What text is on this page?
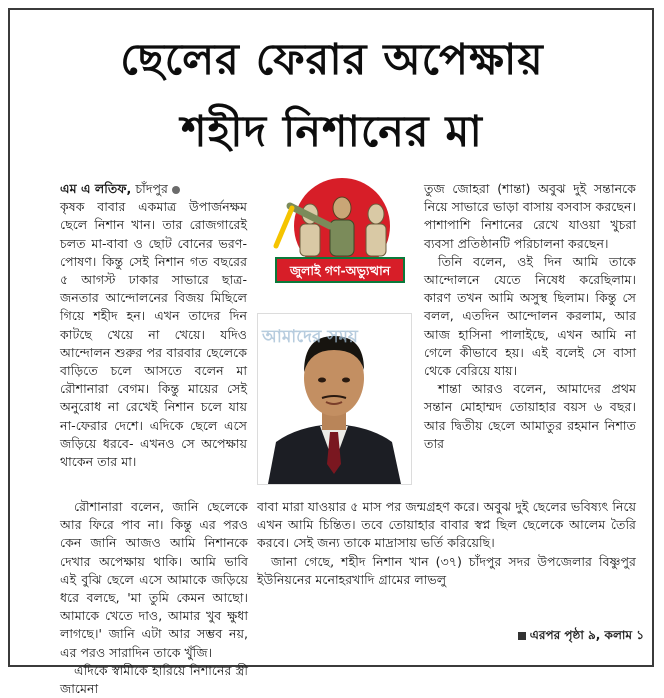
ছেলের ফেরার অপেক্ষায়
শহীদ নিশানের মা

এম এ লতিফ, চাঁদপুর

কৃষক বাবার একমাত্র উপার্জনক্ষম ছেলে নিশান খান। তার রোজগারেই চলত মা-বাবা ও ছোট বোনের ভরণ-পোষণ। কিন্তু সেই নিশান গত বছরের ৫ আগস্ট ঢাকার সাভারে ছাত্র-জনতার আন্দোলনের বিজয় মিছিলে গিয়ে শহীদ হন। এখন তাদের দিন কাটছে খেয়ে না খেয়ে। যদিও আন্দোলন শুরুর পর বারবার ছেলেকে বাড়িতে চলে আসতে বলেন মা রৌশানারা বেগম। কিন্তু মায়ের সেই অনুরোধ না রেখেই নিশান চলে যায় না-ফেরার দেশে। এদিকে ছেলে এসে জড়িয়ে ধরবে- এখনও সে অপেক্ষায় থাকেন তার মা।

জুলাই গণ-অভ্যুত্থান
আমাদের সময়

তুজ জোহরা (শান্তা) অবুঝ দুই সন্তানকে নিয়ে সাভারে ভাড়া বাসায় বসবাস করছেন। পাশাপাশি নিশানের রেখে যাওয়া খুচরা ব্যবসা প্রতিষ্ঠানটি পরিচালনা করছেন।

তিনি বলেন, ওই দিন আমি তাকে আন্দোলনে যেতে নিষেধ করেছিলাম। কারণ তখন আমি অসুস্থ ছিলাম। কিন্তু সে বলল, এতদিন আন্দোলন করলাম, আর আজ হাসিনা পালাইছে, এখন আমি না গেলে কীভাবে হয়। এই বলেই সে বাসা থেকে বেরিয়ে যায়।

শান্তা আরও বলেন, আমাদের প্রথম সন্তান মোহাম্মদ তোয়াহার বয়স ৬ বছর। আর দ্বিতীয় ছেলে আমাতুর রহমান নিশাত তার

রৌশানারা বলেন, জানি ছেলেকে আর ফিরে পাব না। কিন্তু এর পরও কেন জানি আজও আমি নিশানকে দেখার অপেক্ষায় থাকি। আমি ভাবি এই বুঝি ছেলে এসে আমাকে জড়িয়ে ধরে বলছে, 'মা তুমি কেমন আছো। আমাকে খেতে দাও, আমার খুব ক্ষুধা লাগছে।' জানি এটা আর সম্ভব নয়, এর পরও সারাদিন তাকে খুঁজি।

এদিকে স্বামীকে হারিয়ে নিশানের স্ত্রী জামেনা

বাবা মারা যাওয়ার ৫ মাস পর জন্মগ্রহণ করে। অবুঝ দুই ছেলের ভবিষ্যৎ নিয়ে এখন আমি চিন্তিত। তবে তোয়াহার বাবার স্বপ্ন ছিল ছেলেকে আলেম তৈরি করবে। সেই জন্য তাকে মাদ্রাসায় ভর্তি করিয়েছি।

জানা গেছে, শহীদ নিশান খান (৩৭) চাঁদপুর সদর উপজেলার বিষ্ণুপুর ইউনিয়নের মনোহরখাদি গ্রামের লাভলু

এরপর পৃষ্ঠা ৯, কলাম ১
